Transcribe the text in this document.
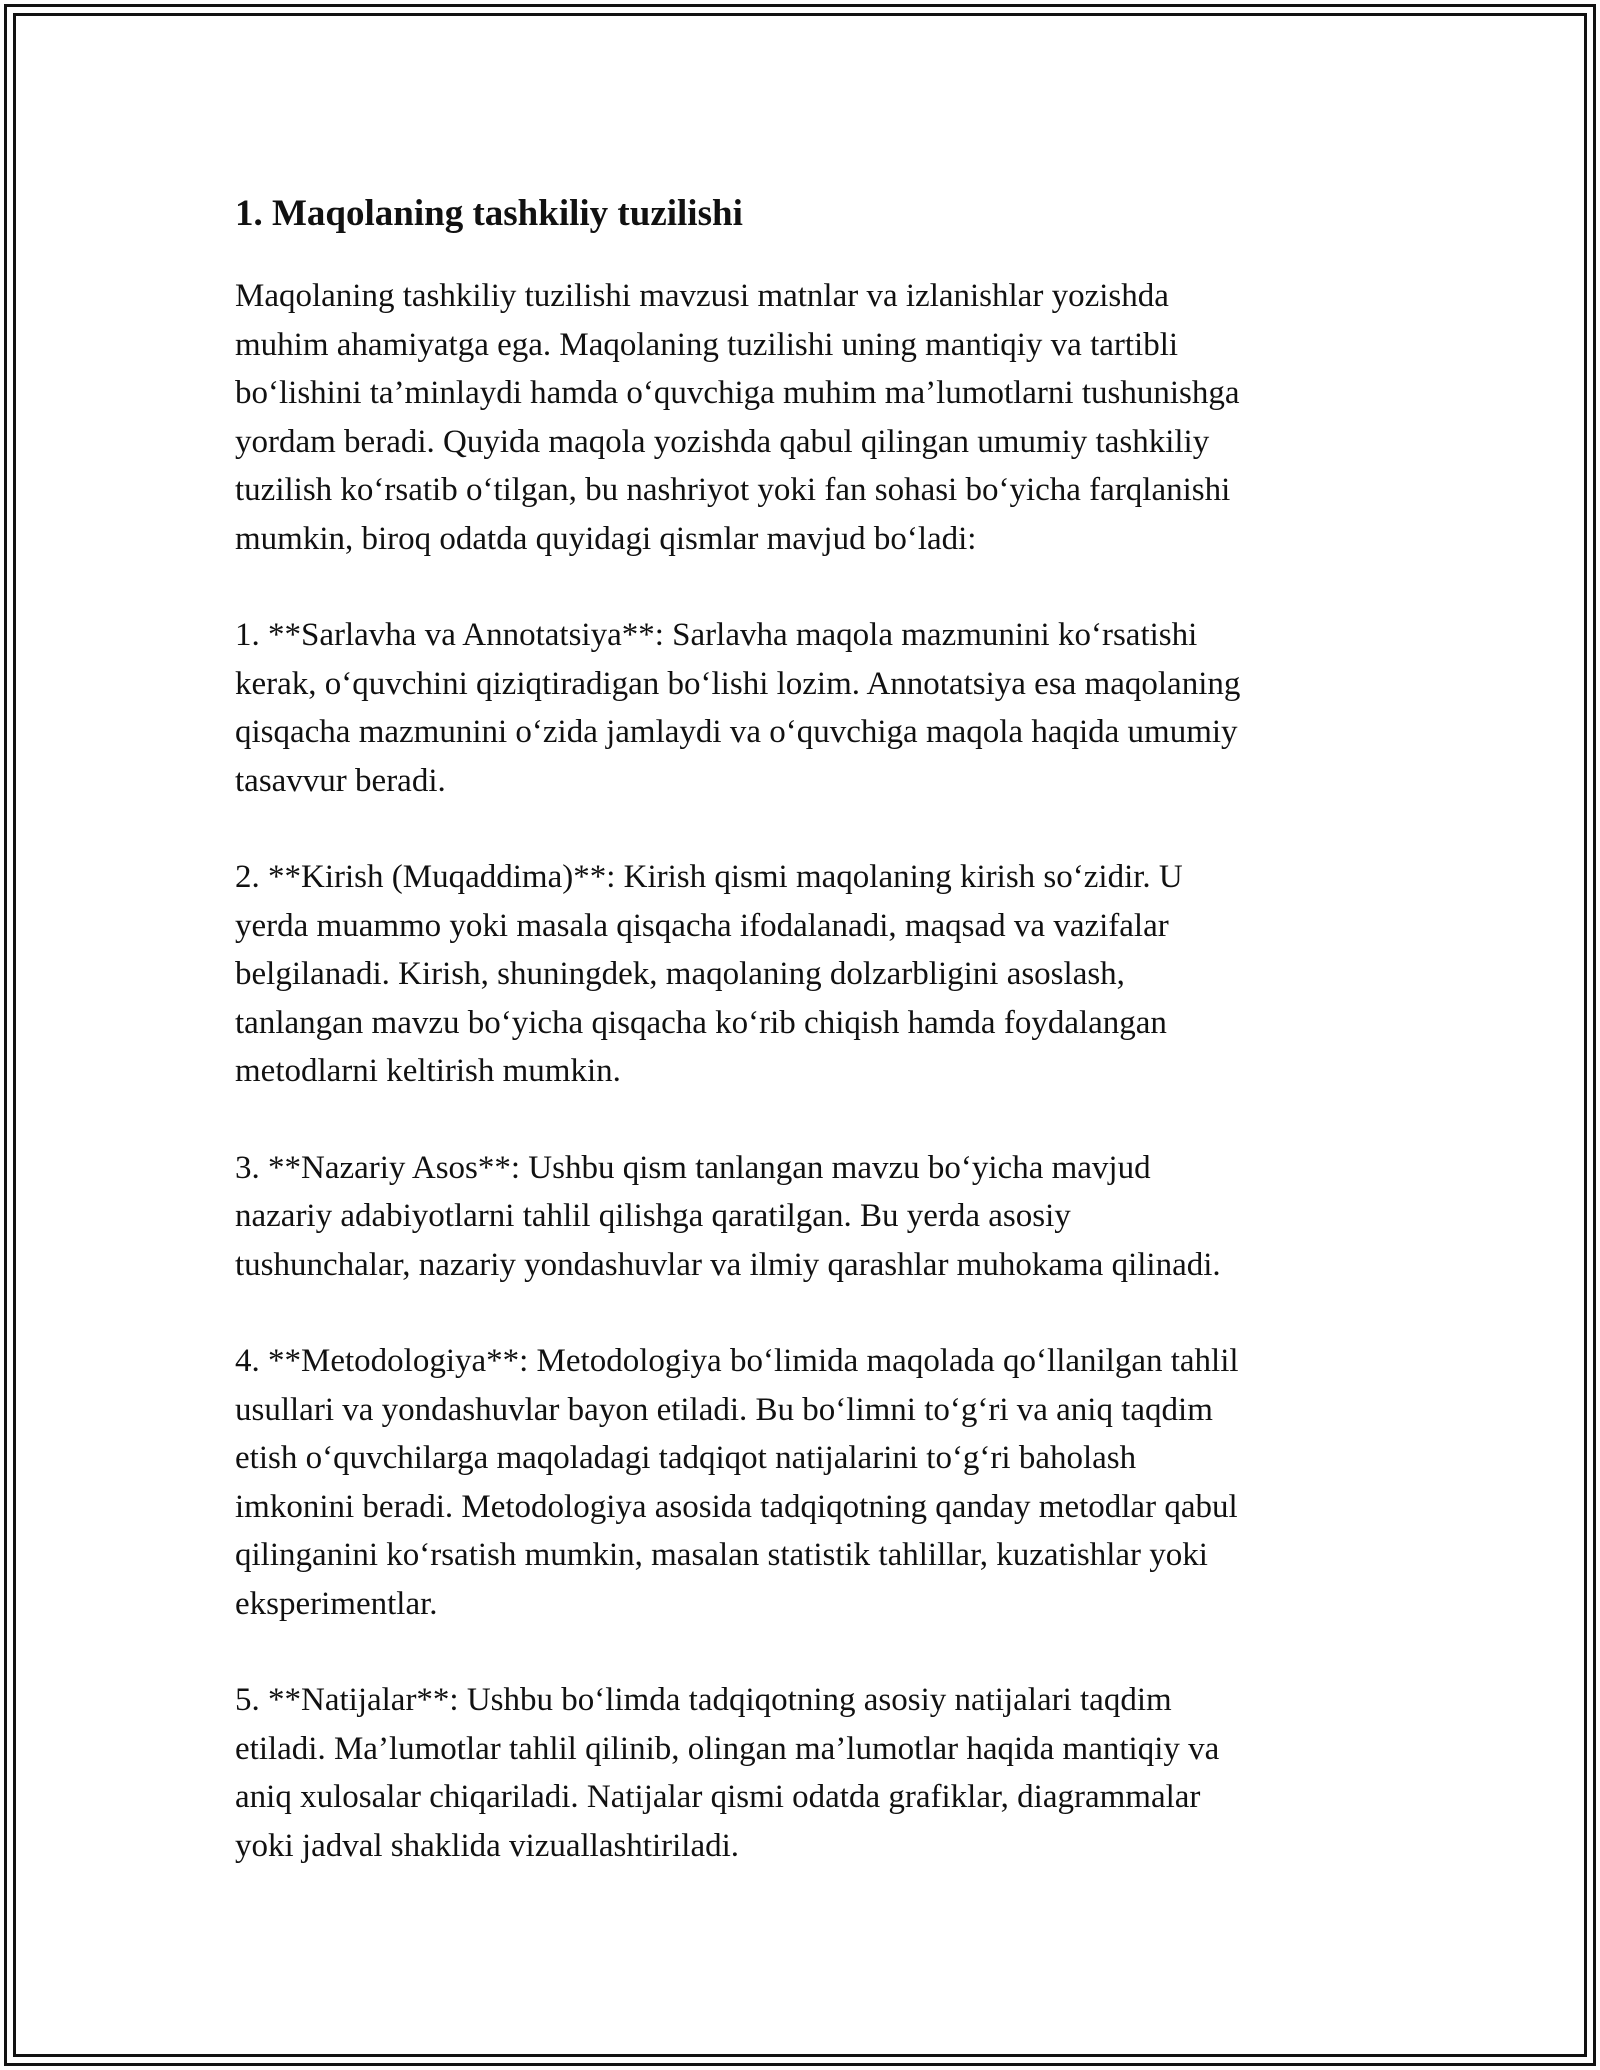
1. Maqolaning tashkiliy tuzilishi

Maqolaning tashkiliy tuzilishi mavzusi matnlar va izlanishlar yozishda
muhim ahamiyatga ega. Maqolaning tuzilishi uning mantiqiy va tartibli
bo‘lishini ta’minlaydi hamda o‘quvchiga muhim ma’lumotlarni tushunishga
yordam beradi. Quyida maqola yozishda qabul qilingan umumiy tashkiliy
tuzilish ko‘rsatib o‘tilgan, bu nashriyot yoki fan sohasi bo‘yicha farqlanishi
mumkin, biroq odatda quyidagi qismlar mavjud bo‘ladi:

1. **Sarlavha va Annotatsiya**: Sarlavha maqola mazmunini ko‘rsatishi
kerak, o‘quvchini qiziqtiradigan bo‘lishi lozim. Annotatsiya esa maqolaning
qisqacha mazmunini o‘zida jamlaydi va o‘quvchiga maqola haqida umumiy
tasavvur beradi.

2. **Kirish (Muqaddima)**: Kirish qismi maqolaning kirish so‘zidir. U
yerda muammo yoki masala qisqacha ifodalanadi, maqsad va vazifalar
belgilanadi. Kirish, shuningdek, maqolaning dolzarbligini asoslash,
tanlangan mavzu bo‘yicha qisqacha ko‘rib chiqish hamda foydalangan
metodlarni keltirish mumkin.

3. **Nazariy Asos**: Ushbu qism tanlangan mavzu bo‘yicha mavjud
nazariy adabiyotlarni tahlil qilishga qaratilgan. Bu yerda asosiy
tushunchalar, nazariy yondashuvlar va ilmiy qarashlar muhokama qilinadi.

4. **Metodologiya**: Metodologiya bo‘limida maqolada qo‘llanilgan tahlil
usullari va yondashuvlar bayon etiladi. Bu bo‘limni to‘g‘ri va aniq taqdim
etish o‘quvchilarga maqoladagi tadqiqot natijalarini to‘g‘ri baholash
imkonini beradi. Metodologiya asosida tadqiqotning qanday metodlar qabul
qilinganini ko‘rsatish mumkin, masalan statistik tahlillar, kuzatishlar yoki
eksperimentlar.

5. **Natijalar**: Ushbu bo‘limda tadqiqotning asosiy natijalari taqdim
etiladi. Ma’lumotlar tahlil qilinib, olingan ma’lumotlar haqida mantiqiy va
aniq xulosalar chiqariladi. Natijalar qismi odatda grafiklar, diagrammalar
yoki jadval shaklida vizuallashtiriladi.
